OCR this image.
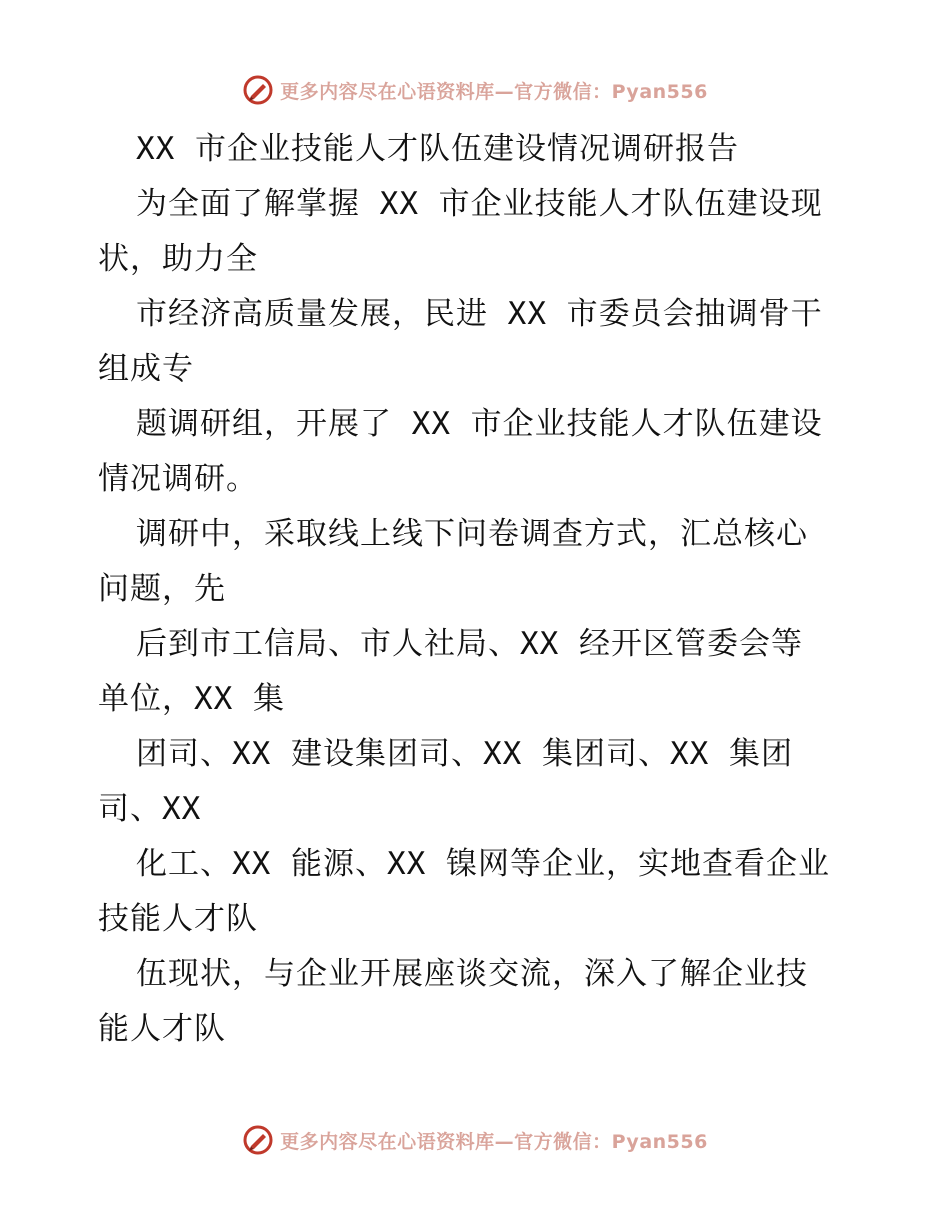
更多内容尽在心语资料库—官方微信：Pyan556
XX 市企业技能人才队伍建设情况调研报告
为全面了解掌握 XX 市企业技能人才队伍建设现
状，助力全
市经济高质量发展，民进 XX 市委员会抽调骨干
组成专
题调研组，开展了 XX 市企业技能人才队伍建设
情况调研。
调研中，采取线上线下问卷调查方式，汇总核心
问题，先
后到市工信局、市人社局、XX 经开区管委会等
单位，XX 集
团司、XX 建设集团司、XX 集团司、XX 集团
司、XX
化工、XX 能源、XX 镍网等企业，实地查看企业
技能人才队
伍现状，与企业开展座谈交流，深入了解企业技
能人才队
更多内容尽在心语资料库—官方微信：Pyan556
